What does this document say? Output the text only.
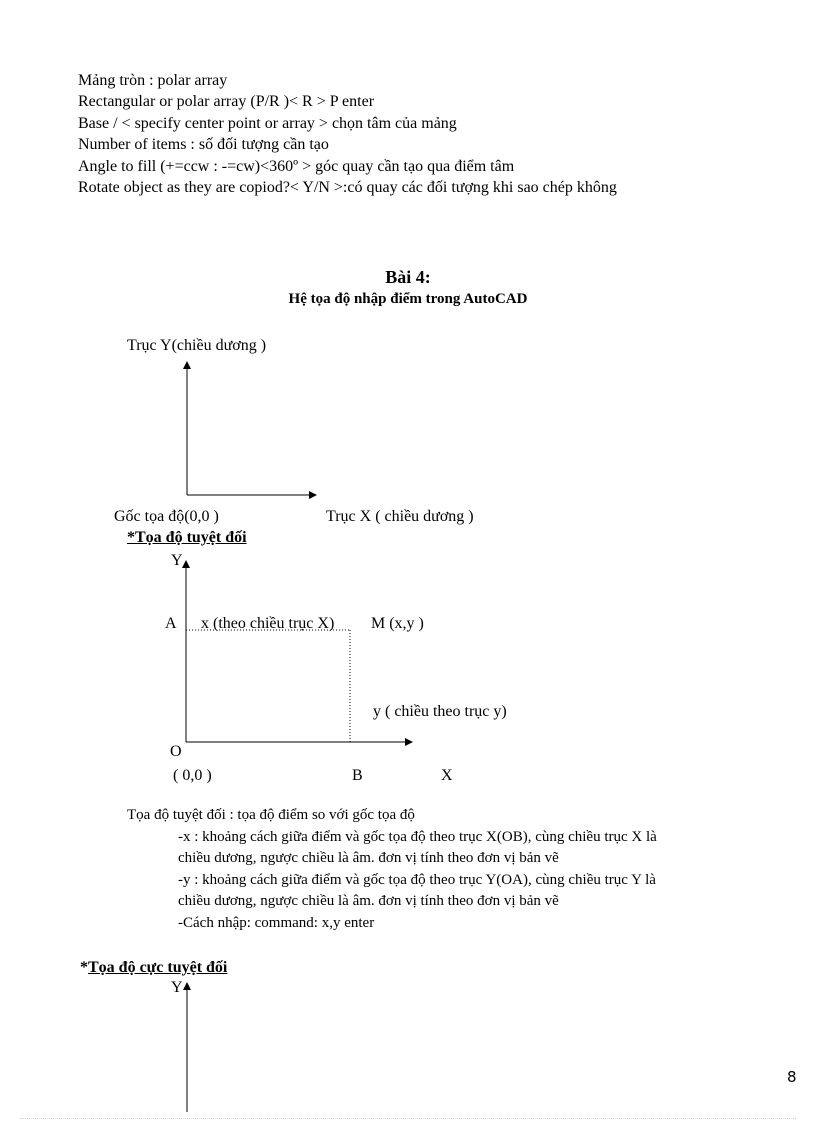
Mảng tròn : polar array
Rectangular or polar array (P/R )< R > P enter
Base / < specify center point or array > chọn tâm của mảng
Number of items : số đối tượng cần tạo
Angle to fill (+=ccw : -=cw)<360º > góc quay cần tạo qua điểm tâm
Rotate object as they are copiod?< Y/N >:có quay các đối tượng khi sao chép không
Bài 4:
Hệ tọa độ nhập điểm trong AutoCAD
Trục Y(chiều dương )
Gốc tọa độ(0,0 )	Trục X ( chiều dương )
*Tọa độ tuyệt đối
Y
A x (theo chiều trục X) M (x,y )
y ( chiều theo trục y)
O
( 0,0 )	B	X
Tọa độ tuyệt đối : tọa độ điểm so với gốc tọa độ
-x : khoảng cách giữa điểm và gốc tọa độ theo trục X(OB), cùng chiều trục X là
chiều dương, ngược chiều là âm. đơn vị tính theo đơn vị bản vẽ
-y : khoảng cách giữa điểm và gốc tọa độ theo trục Y(OA), cùng chiều trục Y là
chiều dương, ngược chiều là âm. đơn vị tính theo đơn vị bản vẽ
-Cách nhập: command: x,y enter
*Tọa độ cực tuyệt đối
Y
8
